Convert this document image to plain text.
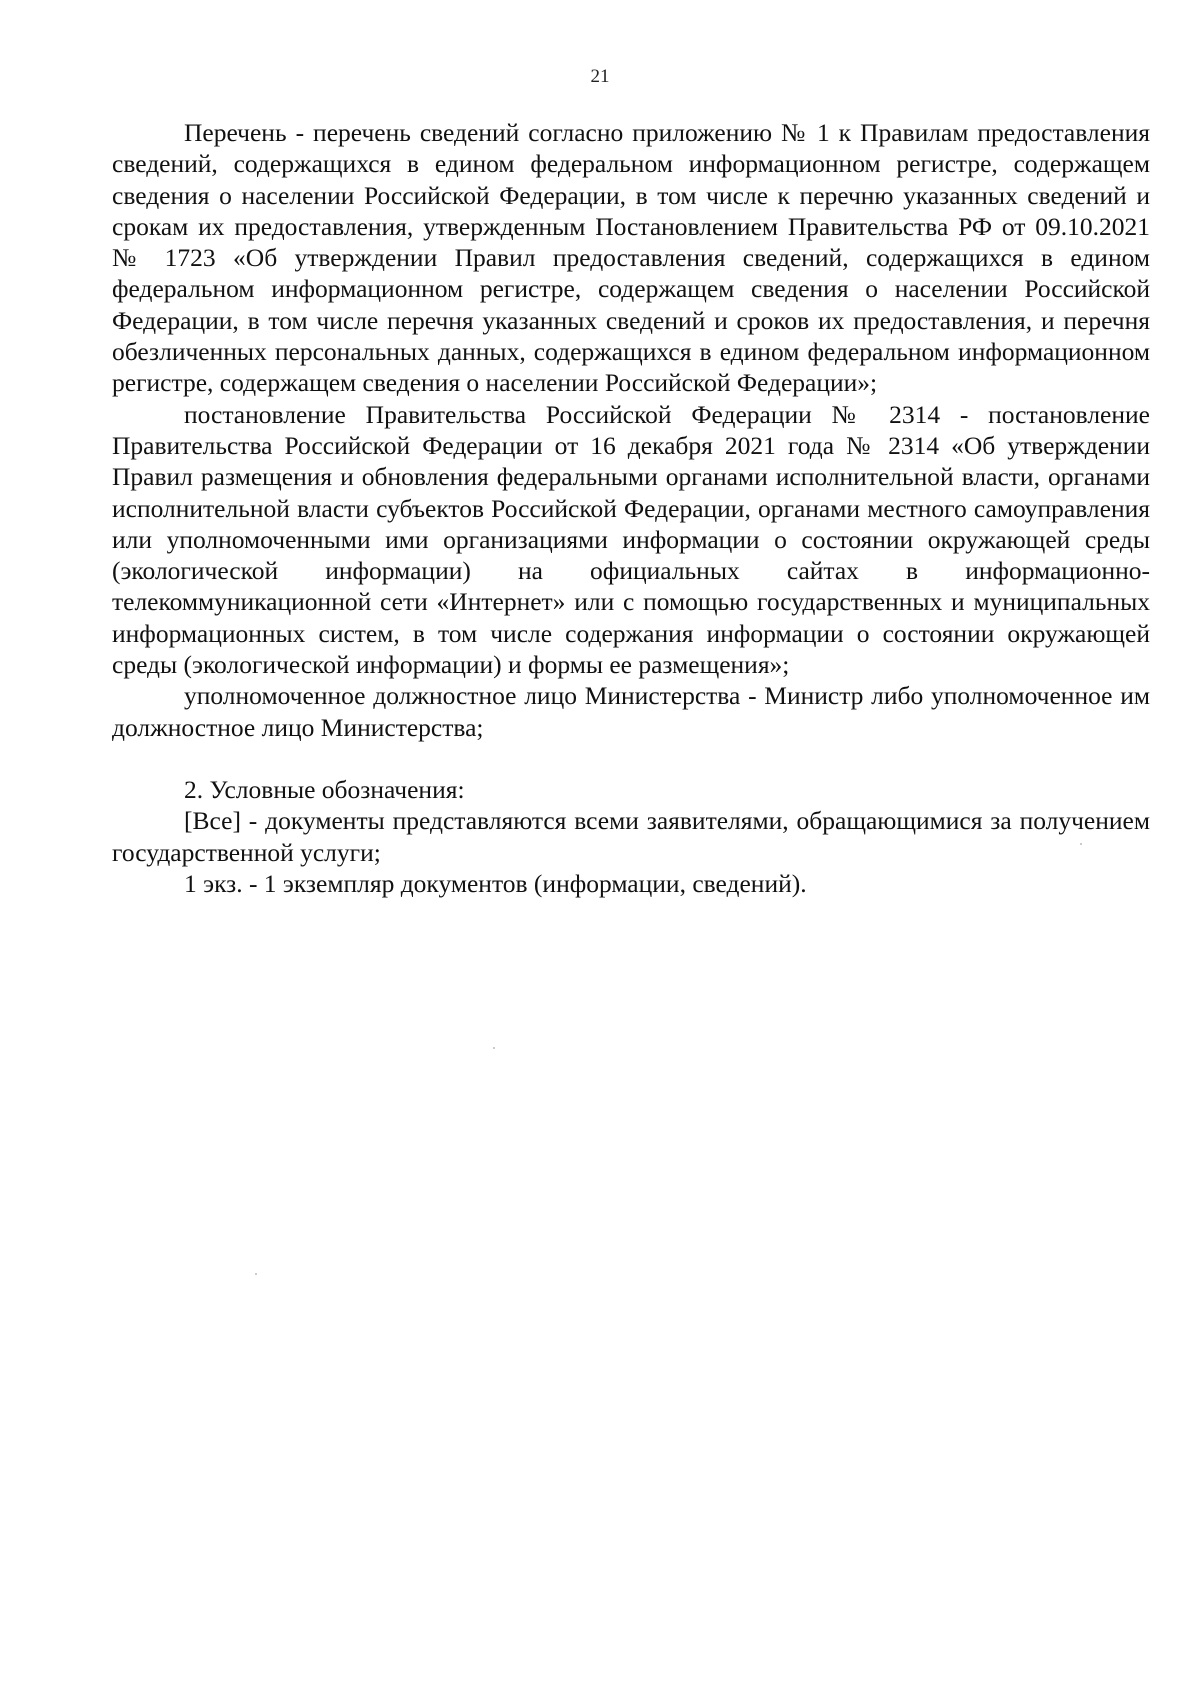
21

Перечень - перечень сведений согласно приложению № 1 к Правилам предоставления сведений, содержащихся в едином федеральном информационном регистре, содержащем сведения о населении Российской Федерации, в том числе к перечню указанных сведений и срокам их предоставления, утвержденным Постановлением Правительства РФ от 09.10.2021 № 1723 «Об утверждении Правил предоставления сведений, содержащихся в едином федеральном информационном регистре, содержащем сведения о населении Российской Федерации, в том числе перечня указанных сведений и сроков их предоставления, и перечня обезличенных персональных данных, содержащихся в едином федеральном информационном регистре, содержащем сведения о населении Российской Федерации»;

постановление Правительства Российской Федерации № 2314 - постановление Правительства Российской Федерации от 16 декабря 2021 года № 2314 «Об утверждении Правил размещения и обновления федеральными органами исполнительной власти, органами исполнительной власти субъектов Российской Федерации, органами местного самоуправления или уполномоченными ими организациями информации о состоянии окружающей среды (экологической информации) на официальных сайтах в информационно-телекоммуникационной сети «Интернет» или с помощью государственных и муниципальных информационных систем, в том числе содержания информации о состоянии окружающей среды (экологической информации) и формы ее размещения»;

уполномоченное должностное лицо Министерства - Министр либо уполномоченное им должностное лицо Министерства;

2. Условные обозначения:

[Все] - документы представляются всеми заявителями, обращающимися за получением государственной услуги;

1 экз. - 1 экземпляр документов (информации, сведений).
